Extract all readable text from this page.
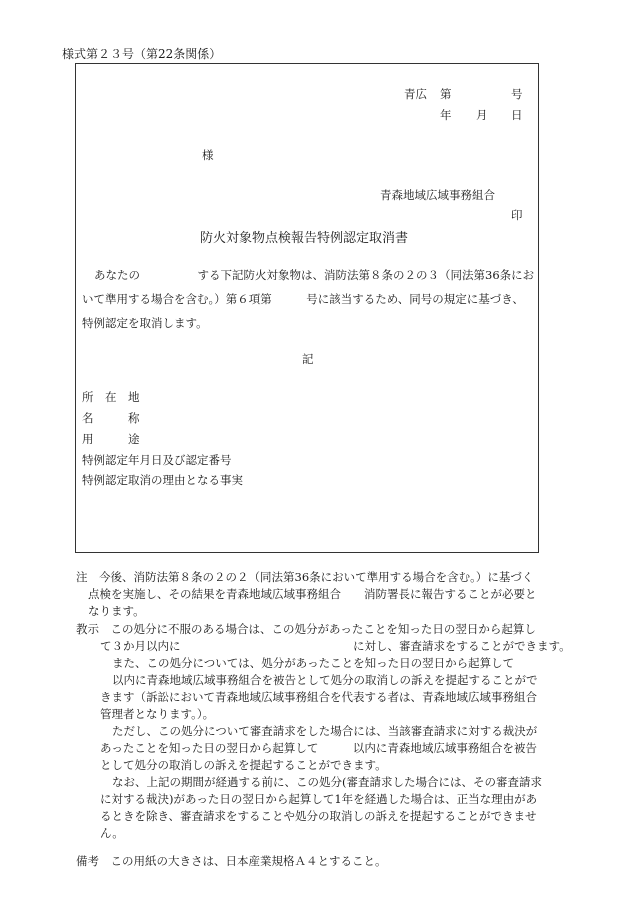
様式第２３号（第22条関係）
青広 第	号
年 月 日
様
青森地域広域事務組合
印
防火対象物点検報告特例認定取消書
あなたの　　　　　する下記防火対象物は、消防法第８条の２の３（同法第36条にお
いて準用する場合を含む。）第６項第　　　号に該当するため、同号の規定に基づき、
特例認定を取消します。
記
所　在　地
名　　　称
用　　　途
特例認定年月日及び認定番号
特例認定取消の理由となる事実
注　今後、消防法第８条の２の２（同法第36条において準用する場合を含む。）に基づく
点検を実施し、その結果を青森地域広域事務組合　　消防署長に報告することが必要と
なります。
教示　この処分に不服のある場合は、この処分があったことを知った日の翌日から起算し
て３か月以内に　　　　　　　　　　　　　　　に対し、審査請求をすることができます。
また、この処分については、処分があったことを知った日の翌日から起算して
以内に青森地域広域事務組合を被告として処分の取消しの訴えを提起することがで
きます（訴訟において青森地域広域事務組合を代表する者は、青森地域広域事務組合
管理者となります。）。
ただし、この処分について審査請求をした場合には、当該審査請求に対する裁決が
あったことを知った日の翌日から起算して　　　以内に青森地域広域事務組合を被告
として処分の取消しの訴えを提起することができます。
なお、上記の期間が経過する前に、この処分(審査請求した場合には、その審査請求
に対する裁決)があった日の翌日から起算して1年を経過した場合は、正当な理由があ
るときを除き、審査請求をすることや処分の取消しの訴えを提起することができませ
ん。
備考　この用紙の大きさは、日本産業規格Ａ４とすること。
